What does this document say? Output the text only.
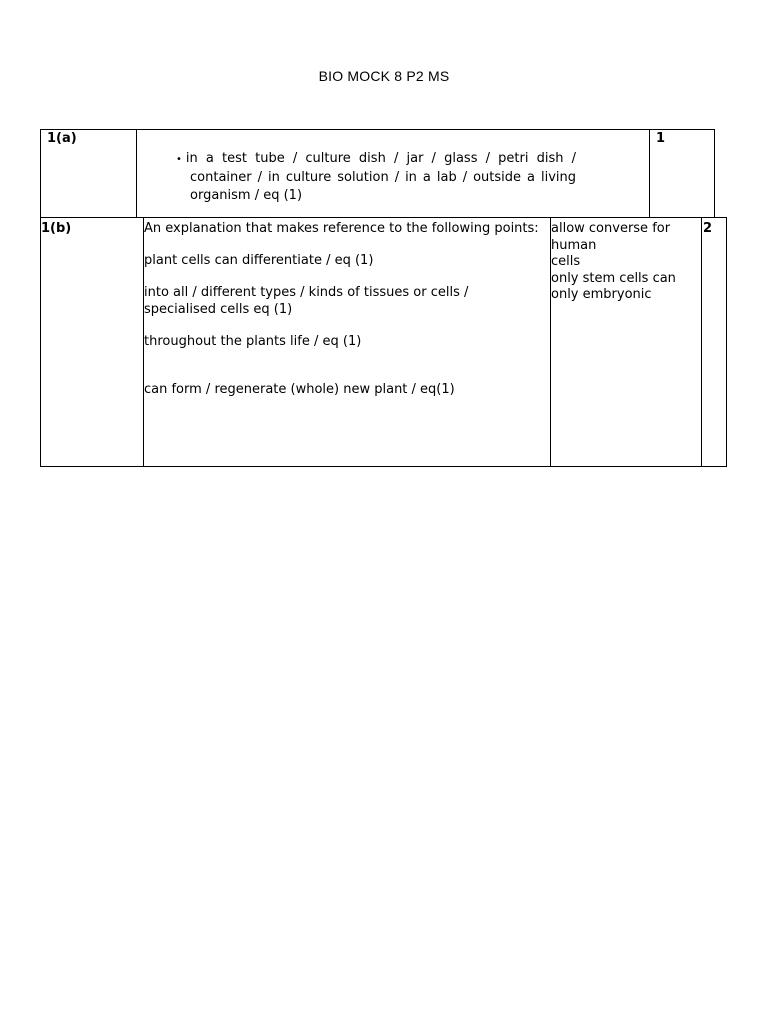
BIO MOCK 8 P2 MS
1(a)
• in a test tube / culture dish / jar / glass / petri dish / container / in culture solution / in a lab / outside a living organism / eq (1)
1
1(b)	An explanation that makes reference to the following points:

plant cells can differentiate / eq (1)

into all / different types / kinds of tissues or cells / specialised cells eq (1)

throughout the plants life / eq (1)

can form / regenerate (whole) new plant / eq(1)

allow converse for
human
cells
only stem cells can
only embryonic
2
